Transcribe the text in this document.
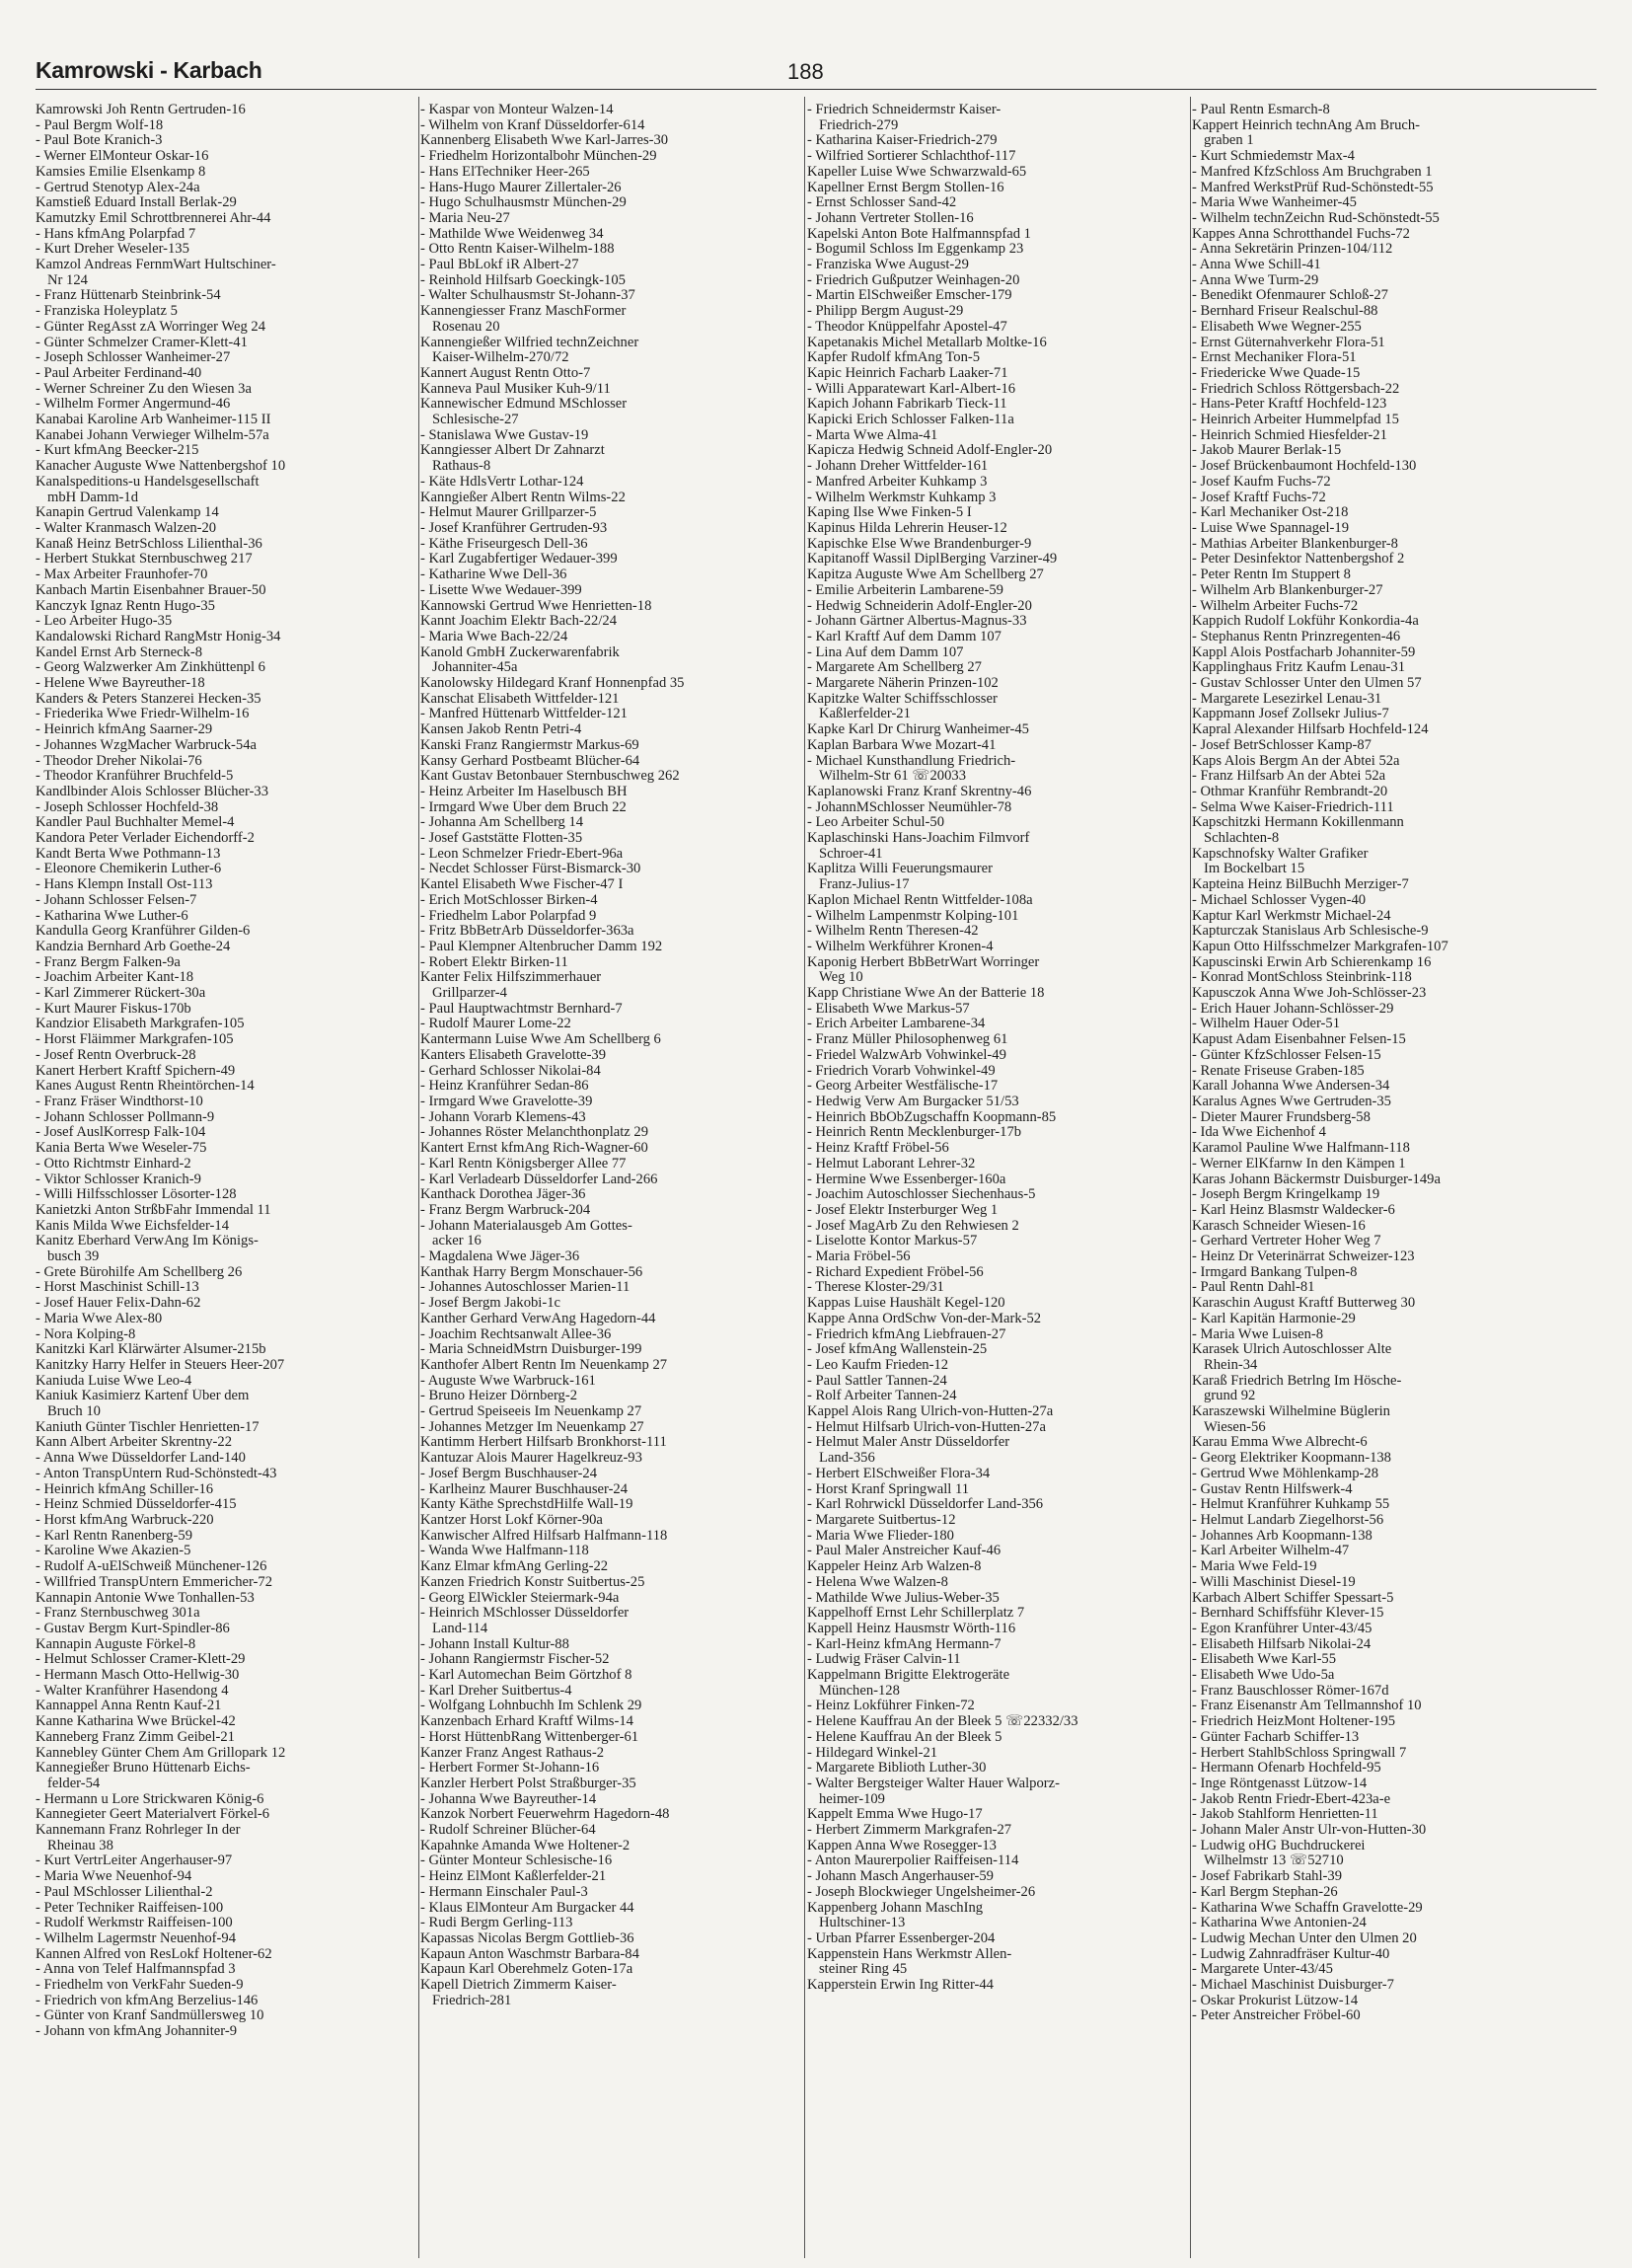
Kamrowski - Karbach	188
Kamrowski Joh Rentn Gertruden-16
- Paul Bergm Wolf-18
- Paul Bote Kranich-3
- Werner ElMonteur Oskar-16
Kamsies Emilie Elsenkamp 8
- Gertrud Stenotyp Alex-24a
Kamstieß Eduard Install Berlak-29
Kamutzky Emil Schrottbrennerei Ahr-44
- Hans kfmAng Polarpfad 7
- Kurt Dreher Weseler-135
Kamzol Andreas FernmWart Hultschiner-
Nr 124
- Franz Hüttenarb Steinbrink-54
- Franziska Holeyplatz 5
- Günter RegAsst zA Worringer Weg 24
- Günter Schmelzer Cramer-Klett-41
- Joseph Schlosser Wanheimer-27
- Paul Arbeiter Ferdinand-40
- Werner Schreiner Zu den Wiesen 3a
- Wilhelm Former Angermund-46
Kanabai Karoline Arb Wanheimer-115 II
Kanabei Johann Verwieger Wilhelm-57a
- Kurt kfmAng Beecker-215
Kanacher Auguste Wwe Nattenbergshof 10
Kanalspeditions-u Handelsgesellschaft
mbH Damm-1d
Kanapin Gertrud Valenkamp 14
- Walter Kranmasch Walzen-20
Kanaß Heinz BetrSchloss Lilienthal-36
- Herbert Stukkat Sternbuschweg 217
- Max Arbeiter Fraunhofer-70
Kanbach Martin Eisenbahner Brauer-50
Kanczyk Ignaz Rentn Hugo-35
- Leo Arbeiter Hugo-35
Kandalowski Richard RangMstr Honig-34
Kandel Ernst Arb Sterneck-8
- Georg Walzwerker Am Zinkhüttenpl 6
- Helene Wwe Bayreuther-18
Kanders & Peters Stanzerei Hecken-35
- Friederika Wwe Friedr-Wilhelm-16
- Heinrich kfmAng Saarner-29
- Johannes WzgMacher Warbruck-54a
- Theodor Dreher Nikolai-76
- Theodor Kranführer Bruchfeld-5
Kandlbinder Alois Schlosser Blücher-33
- Joseph Schlosser Hochfeld-38
Kandler Paul Buchhalter Memel-4
Kandora Peter Verlader Eichendorff-2
Kandt Berta Wwe Pothmann-13
- Eleonore Chemikerin Luther-6
- Hans Klempn Install Ost-113
- Johann Schlosser Felsen-7
- Katharina Wwe Luther-6
Kandulla Georg Kranführer Gilden-6
Kandzia Bernhard Arb Goethe-24
- Franz Bergm Falken-9a
- Joachim Arbeiter Kant-18
- Karl Zimmerer Rückert-30a
- Kurt Maurer Fiskus-170b
Kandzior Elisabeth Markgrafen-105
- Horst Fläimmer Markgrafen-105
- Josef Rentn Overbruck-28
Kanert Herbert Kraftf Spichern-49
Kanes August Rentn Rheintörchen-14
- Franz Fräser Windthorst-10
- Johann Schlosser Pollmann-9
- Josef AuslKorresp Falk-104
Kania Berta Wwe Weseler-75
- Otto Richtmstr Einhard-2
- Viktor Schlosser Kranich-9
- Willi Hilfsschlosser Lösorter-128
Kanietzki Anton StrßbFahr Immendal 11
Kanis Milda Wwe Eichsfelder-14
Kanitz Eberhard VerwAng Im Königs-
busch 39
- Grete Bürohilfe Am Schellberg 26
- Horst Maschinist Schill-13
- Josef Hauer Felix-Dahn-62
- Maria Wwe Alex-80
- Nora Kolping-8
Kanitzki Karl Klärwärter Alsumer-215b
Kanitzky Harry Helfer in Steuers Heer-207
Kaniuda Luise Wwe Leo-4
Kaniuk Kasimierz Kartenf Über dem
Bruch 10
Kaniuth Günter Tischler Henrietten-17
Kann Albert Arbeiter Skrentny-22
- Anna Wwe Düsseldorfer Land-140
- Anton TranspUntern Rud-Schönstedt-43
- Heinrich kfmAng Schiller-16
- Heinz Schmied Düsseldorfer-415
- Horst kfmAng Warbruck-220
- Karl Rentn Ranenberg-59
- Karoline Wwe Akazien-5
- Rudolf A-uElSchweiß Münchener-126
- Willfried TranspUntern Emmericher-72
Kannapin Antonie Wwe Tonhallen-53
- Franz Sternbuschweg 301a
- Gustav Bergm Kurt-Spindler-86
Kannapin Auguste Förkel-8
- Helmut Schlosser Cramer-Klett-29
- Hermann Masch Otto-Hellwig-30
- Walter Kranführer Hasendong 4
Kannappel Anna Rentn Kauf-21
Kanne Katharina Wwe Brückel-42
Kanneberg Franz Zimm Geibel-21
Kannebley Günter Chem Am Grillopark 12
Kannegießer Bruno Hüttenarb Eichs-
felder-54
- Hermann u Lore Strickwaren König-6
Kannegieter Geert Materialvert Förkel-6
Kannemann Franz Rohrleger In der
Rheinau 38
- Kurt VertrLeiter Angerhauser-97
- Maria Wwe Neuenhof-94
- Paul MSchlosser Lilienthal-2
- Peter Techniker Raiffeisen-100
- Rudolf Werkmstr Raiffeisen-100
- Wilhelm Lagermstr Neuenhof-94
Kannen Alfred von ResLokf Holtener-62
- Anna von Telef Halfmannspfad 3
- Friedhelm von VerkFahr Sueden-9
- Friedrich von kfmAng Berzelius-146
- Günter von Kranf Sandmüllersweg 10
- Johann von kfmAng Johanniter-9
- Kaspar von Monteur Walzen-14
- Wilhelm von Kranf Düsseldorfer-614
Kannenberg Elisabeth Wwe Karl-Jarres-30
- Friedhelm Horizontalbohr München-29
- Hans ElTechniker Heer-265
- Hans-Hugo Maurer Zillertaler-26
- Hugo Schulhausmstr München-29
- Maria Neu-27
- Mathilde Wwe Weidenweg 34
- Otto Rentn Kaiser-Wilhelm-188
- Paul BbLokf iR Albert-27
- Reinhold Hilfsarb Goeckingk-105
- Walter Schulhausmstr St-Johann-37
Kannengiesser Franz MaschFormer
Rosenau 20
Kannengießer Wilfried technZeichner
Kaiser-Wilhelm-270/72
Kannert August Rentn Otto-7
Kanneva Paul Musiker Kuh-9/11
Kannewischer Edmund MSchlosser
Schlesische-27
- Stanislawa Wwe Gustav-19
Kanngiesser Albert Dr Zahnarzt
Rathaus-8
- Käte HdlsVertr Lothar-124
Kanngießer Albert Rentn Wilms-22
- Helmut Maurer Grillparzer-5
- Josef Kranführer Gertruden-93
- Käthe Friseurgesch Dell-36
- Karl Zugabfertiger Wedauer-399
- Katharine Wwe Dell-36
- Lisette Wwe Wedauer-399
Kannowski Gertrud Wwe Henrietten-18
Kannt Joachim Elektr Bach-22/24
- Maria Wwe Bach-22/24
Kanold GmbH Zuckerwarenfabrik
Johanniter-45a
Kanolowsky Hildegard Kranf Honnenpfad 35
Kanschat Elisabeth Wittfelder-121
- Manfred Hüttenarb Wittfelder-121
Kansen Jakob Rentn Petri-4
Kanski Franz Rangiermstr Markus-69
Kansy Gerhard Postbeamt Blücher-64
Kant Gustav Betonbauer Sternbuschweg 262
- Heinz Arbeiter Im Haselbusch BH
- Irmgard Wwe Über dem Bruch 22
- Johanna Am Schellberg 14
- Josef Gaststätte Flotten-35
- Leon Schmelzer Friedr-Ebert-96a
- Necdet Schlosser Fürst-Bismarck-30
Kantel Elisabeth Wwe Fischer-47 I
- Erich MotSchlosser Birken-4
- Friedhelm Labor Polarpfad 9
- Fritz BbBetrArb Düsseldorfer-363a
- Paul Klempner Altenbrucher Damm 192
- Robert Elektr Birken-11
Kanter Felix Hilfszimmerhauer
Grillparzer-4
- Paul Hauptwachtmstr Bernhard-7
- Rudolf Maurer Lome-22
Kantermann Luise Wwe Am Schellberg 6
Kanters Elisabeth Gravelotte-39
- Gerhard Schlosser Nikolai-84
- Heinz Kranführer Sedan-86
- Irmgard Wwe Gravelotte-39
- Johann Vorarb Klemens-43
- Johannes Röster Melanchthonplatz 29
Kantert Ernst kfmAng Rich-Wagner-60
- Karl Rentn Königsberger Allee 77
- Karl Verladearb Düsseldorfer Land-266
Kanthack Dorothea Jäger-36
- Franz Bergm Warbruck-204
- Johann Materialausgeb Am Gottes-
acker 16
- Magdalena Wwe Jäger-36
Kanthak Harry Bergm Monschauer-56
- Johannes Autoschlosser Marien-11
- Josef Bergm Jakobi-1c
Kanther Gerhard VerwAng Hagedorn-44
- Joachim Rechtsanwalt Allee-36
- Maria SchneidMstrn Duisburger-199
Kanthofer Albert Rentn Im Neuenkamp 27
- Auguste Wwe Warbruck-161
- Bruno Heizer Dörnberg-2
- Gertrud Speiseeis Im Neuenkamp 27
- Johannes Metzger Im Neuenkamp 27
Kantimm Herbert Hilfsarb Bronkhorst-111
Kantuzar Alois Maurer Hagelkreuz-93
- Josef Bergm Buschhauser-24
- Karlheinz Maurer Buschhauser-24
Kanty Käthe SprechstdHilfe Wall-19
Kantzer Horst Lokf Körner-90a
Kanwischer Alfred Hilfsarb Halfmann-118
- Wanda Wwe Halfmann-118
Kanz Elmar kfmAng Gerling-22
Kanzen Friedrich Konstr Suitbertus-25
- Georg ElWickler Steiermark-94a
- Heinrich MSchlosser Düsseldorfer
Land-114
- Johann Install Kultur-88
- Johann Rangiermstr Fischer-52
- Karl Automechan Beim Görtzhof 8
- Karl Dreher Suitbertus-4
- Wolfgang Lohnbuchh Im Schlenk 29
Kanzenbach Erhard Kraftf Wilms-14
- Horst HüttenbRang Wittenberger-61
Kanzer Franz Angest Rathaus-2
- Herbert Former St-Johann-16
Kanzler Herbert Polst Straßburger-35
- Johanna Wwe Bayreuther-14
Kanzok Norbert Feuerwehrm Hagedorn-48
- Rudolf Schreiner Blücher-64
Kapahnke Amanda Wwe Holtener-2
- Günter Monteur Schlesische-16
- Heinz ElMont Kaßlerfelder-21
- Hermann Einschaler Paul-3
- Klaus ElMonteur Am Burgacker 44
- Rudi Bergm Gerling-113
Kapassas Nicolas Bergm Gottlieb-36
Kapaun Anton Waschmstr Barbara-84
Kapaun Karl Oberehmelz Goten-17a
Kapell Dietrich Zimmerm Kaiser-
Friedrich-281
- Friedrich Schneidermstr Kaiser-
Friedrich-279
- Katharina Kaiser-Friedrich-279
- Wilfried Sortierer Schlachthof-117
Kapeller Luise Wwe Schwarzwald-65
Kapellner Ernst Bergm Stollen-16
- Ernst Schlosser Sand-42
- Johann Vertreter Stollen-16
Kapelski Anton Bote Halfmannspfad 1
- Bogumil Schloss Im Eggenkamp 23
- Franziska Wwe August-29
- Friedrich Gußputzer Weinhagen-20
- Martin ElSchweißer Emscher-179
- Philipp Bergm August-29
- Theodor Knüppelfahr Apostel-47
Kapetanakis Michel Metallarb Moltke-16
Kapfer Rudolf kfmAng Ton-5
Kapic Heinrich Facharb Laaker-71
- Willi Apparatewart Karl-Albert-16
Kapich Johann Fabrikarb Tieck-11
Kapicki Erich Schlosser Falken-11a
- Marta Wwe Alma-41
Kapicza Hedwig Schneid Adolf-Engler-20
- Johann Dreher Wittfelder-161
- Manfred Arbeiter Kuhkamp 3
- Wilhelm Werkmstr Kuhkamp 3
Kaping Ilse Wwe Finken-5 I
Kapinus Hilda Lehrerin Heuser-12
Kapischke Else Wwe Brandenburger-9
Kapitanoff Wassil DiplBerging Varziner-49
Kapitza Auguste Wwe Am Schellberg 27
- Emilie Arbeiterin Lambarene-59
- Hedwig Schneiderin Adolf-Engler-20
- Johann Gärtner Albertus-Magnus-33
- Karl Kraftf Auf dem Damm 107
- Lina Auf dem Damm 107
- Margarete Am Schellberg 27
- Margarete Näherin Prinzen-102
Kapitzke Walter Schiffsschlosser
Kaßlerfelder-21
Kapke Karl Dr Chirurg Wanheimer-45
Kaplan Barbara Wwe Mozart-41
- Michael Kunsthandlung Friedrich-
Wilhelm-Str 61 ☏20033
Kaplanowski Franz Kranf Skrentny-46
- JohannMSchlosser Neumühler-78
- Leo Arbeiter Schul-50
Kaplaschinski Hans-Joachim Filmvorf
Schroer-41
Kaplitza Willi Feuerungsmaurer
Franz-Julius-17
Kaplon Michael Rentn Wittfelder-108a
- Wilhelm Lampenmstr Kolping-101
- Wilhelm Rentn Theresen-42
- Wilhelm Werkführer Kronen-4
Kaponig Herbert BbBetrWart Worringer
Weg 10
Kapp Christiane Wwe An der Batterie 18
- Elisabeth Wwe Markus-57
- Erich Arbeiter Lambarene-34
- Franz Müller Philosophenweg 61
- Friedel WalzwArb Vohwinkel-49
- Friedrich Vorarb Vohwinkel-49
- Georg Arbeiter Westfälische-17
- Hedwig Verw Am Burgacker 51/53
- Heinrich BbObZugschaffn Koopmann-85
- Heinrich Rentn Mecklenburger-17b
- Heinz Kraftf Fröbel-56
- Helmut Laborant Lehrer-32
- Hermine Wwe Essenberger-160a
- Joachim Autoschlosser Siechenhaus-5
- Josef Elektr Insterburger Weg 1
- Josef MagArb Zu den Rehwiesen 2
- Liselotte Kontor Markus-57
- Maria Fröbel-56
- Richard Expedient Fröbel-56
- Therese Kloster-29/31
Kappas Luise Haushält Kegel-120
Kappe Anna OrdSchw Von-der-Mark-52
- Friedrich kfmAng Liebfrauen-27
- Josef kfmAng Wallenstein-25
- Leo Kaufm Frieden-12
- Paul Sattler Tannen-24
- Rolf Arbeiter Tannen-24
Kappel Alois Rang Ulrich-von-Hutten-27a
- Helmut Hilfsarb Ulrich-von-Hutten-27a
- Helmut Maler Anstr Düsseldorfer
Land-356
- Herbert ElSchweißer Flora-34
- Horst Kranf Springwall 11
- Karl Rohrwickl Düsseldorfer Land-356
- Margarete Suitbertus-12
- Maria Wwe Flieder-180
- Paul Maler Anstreicher Kauf-46
Kappeler Heinz Arb Walzen-8
- Helena Wwe Walzen-8
- Mathilde Wwe Julius-Weber-35
Kappelhoff Ernst Lehr Schillerplatz 7
Kappell Heinz Hausmstr Wörth-116
- Karl-Heinz kfmAng Hermann-7
- Ludwig Fräser Calvin-11
Kappelmann Brigitte Elektrogeräte
München-128
- Heinz Lokführer Finken-72
- Helene Kauffrau An der Bleek 5 ☏22332/33
- Helene Kauffrau An der Bleek 5
- Hildegard Winkel-21
- Margarete Biblioth Luther-30
- Walter Bergsteiger Walter Hauer Walporz-
heimer-109
Kappelt Emma Wwe Hugo-17
- Herbert Zimmerm Markgrafen-27
Kappen Anna Wwe Rosegger-13
- Anton Maurerpolier Raiffeisen-114
- Johann Masch Angerhauser-59
- Joseph Blockwieger Ungelsheimer-26
Kappenberg Johann MaschIng
Hultschiner-13
- Urban Pfarrer Essenberger-204
Kappenstein Hans Werkmstr Allen-
steiner Ring 45
Kapperstein Erwin Ing Ritter-44
- Paul Rentn Esmarch-8
Kappert Heinrich technAng Am Bruch-
graben 1
- Kurt Schmiedemstr Max-4
- Manfred KfzSchloss Am Bruchgraben 1
- Manfred WerkstPrüf Rud-Schönstedt-55
- Maria Wwe Wanheimer-45
- Wilhelm technZeichn Rud-Schönstedt-55
Kappes Anna Schrotthandel Fuchs-72
- Anna Sekretärin Prinzen-104/112
- Anna Wwe Schill-41
- Anna Wwe Turm-29
- Benedikt Ofenmaurer Schloß-27
- Bernhard Friseur Realschul-88
- Elisabeth Wwe Wegner-255
- Ernst Güternahverkehr Flora-51
- Ernst Mechaniker Flora-51
- Friedericke Wwe Quade-15
- Friedrich Schloss Röttgersbach-22
- Hans-Peter Kraftf Hochfeld-123
- Heinrich Arbeiter Hummelpfad 15
- Heinrich Schmied Hiesfelder-21
- Jakob Maurer Berlak-15
- Josef Brückenbaumont Hochfeld-130
- Josef Kaufm Fuchs-72
- Josef Kraftf Fuchs-72
- Karl Mechaniker Ost-218
- Luise Wwe Spannagel-19
- Mathias Arbeiter Blankenburger-8
- Peter Desinfektor Nattenbergshof 2
- Peter Rentn Im Stuppert 8
- Wilhelm Arb Blankenburger-27
- Wilhelm Arbeiter Fuchs-72
Kappich Rudolf Lokführ Konkordia-4a
- Stephanus Rentn Prinzregenten-46
Kappl Alois Postfacharb Johanniter-59
Kapplinghaus Fritz Kaufm Lenau-31
- Gustav Schlosser Unter den Ulmen 57
- Margarete Lesezirkel Lenau-31
Kappmann Josef Zollsekr Julius-7
Kapral Alexander Hilfsarb Hochfeld-124
- Josef BetrSchlosser Kamp-87
Kaps Alois Bergm An der Abtei 52a
- Franz Hilfsarb An der Abtei 52a
- Othmar Kranführ Rembrandt-20
- Selma Wwe Kaiser-Friedrich-111
Kapschitzki Hermann Kokillenmann
Schlachten-8
Kapschnofsky Walter Grafiker
Im Bockelbart 15
Kapteina Heinz BilBuchh Merziger-7
- Michael Schlosser Vygen-40
Kaptur Karl Werkmstr Michael-24
Kapturczak Stanislaus Arb Schlesische-9
Kapun Otto Hilfsschmelzer Markgrafen-107
Kapuscinski Erwin Arb Schierenkamp 16
- Konrad MontSchloss Steinbrink-118
Kapusczok Anna Wwe Joh-Schlösser-23
- Erich Hauer Johann-Schlösser-29
- Wilhelm Hauer Oder-51
Kapust Adam Eisenbahner Felsen-15
- Günter KfzSchlosser Felsen-15
- Renate Friseuse Graben-185
Karall Johanna Wwe Andersen-34
Karalus Agnes Wwe Gertruden-35
- Dieter Maurer Frundsberg-58
- Ida Wwe Eichenhof 4
Karamol Pauline Wwe Halfmann-118
- Werner ElKfarnw In den Kämpen 1
Karas Johann Bäckermstr Duisburger-149a
- Joseph Bergm Kringelkamp 19
- Karl Heinz Blasmstr Waldecker-6
Karasch Schneider Wiesen-16
- Gerhard Vertreter Hoher Weg 7
- Heinz Dr Veterinärrat Schweizer-123
- Irmgard Bankang Tulpen-8
- Paul Rentn Dahl-81
Karaschin August Kraftf Butterweg 30
- Karl Kapitän Harmonie-29
- Maria Wwe Luisen-8
Karasek Ulrich Autoschlosser Alte
Rhein-34
Karaß Friedrich Betrlng Im Hösche-
grund 92
Karaszewski Wilhelmine Büglerin
Wiesen-56
Karau Emma Wwe Albrecht-6
- Georg Elektriker Koopmann-138
- Gertrud Wwe Möhlenkamp-28
- Gustav Rentn Hilfswerk-4
- Helmut Kranführer Kuhkamp 55
- Helmut Landarb Ziegelhorst-56
- Johannes Arb Koopmann-138
- Karl Arbeiter Wilhelm-47
- Maria Wwe Feld-19
- Willi Maschinist Diesel-19
Karbach Albert Schiffer Spessart-5
- Bernhard Schiffsführ Klever-15
- Egon Kranführer Unter-43/45
- Elisabeth Hilfsarb Nikolai-24
- Elisabeth Wwe Karl-55
- Elisabeth Wwe Udo-5a
- Franz Bauschlosser Römer-167d
- Franz Eisenanstr Am Tellmannshof 10
- Friedrich HeizMont Holtener-195
- Günter Facharb Schiffer-13
- Herbert StahlbSchloss Springwall 7
- Hermann Ofenarb Hochfeld-95
- Inge Röntgenasst Lützow-14
- Jakob Rentn Friedr-Ebert-423a-e
- Jakob Stahlform Henrietten-11
- Johann Maler Anstr Ulr-von-Hutten-30
- Ludwig oHG Buchdruckerei
Wilhelmstr 13 ☏52710
- Josef Fabrikarb Stahl-39
- Karl Bergm Stephan-26
- Katharina Wwe Schaffn Gravelotte-29
- Katharina Wwe Antonien-24
- Ludwig Mechan Unter den Ulmen 20
- Ludwig Zahnradfräser Kultur-40
- Margarete Unter-43/45
- Michael Maschinist Duisburger-7
- Oskar Prokurist Lützow-14
- Peter Anstreicher Fröbel-60
